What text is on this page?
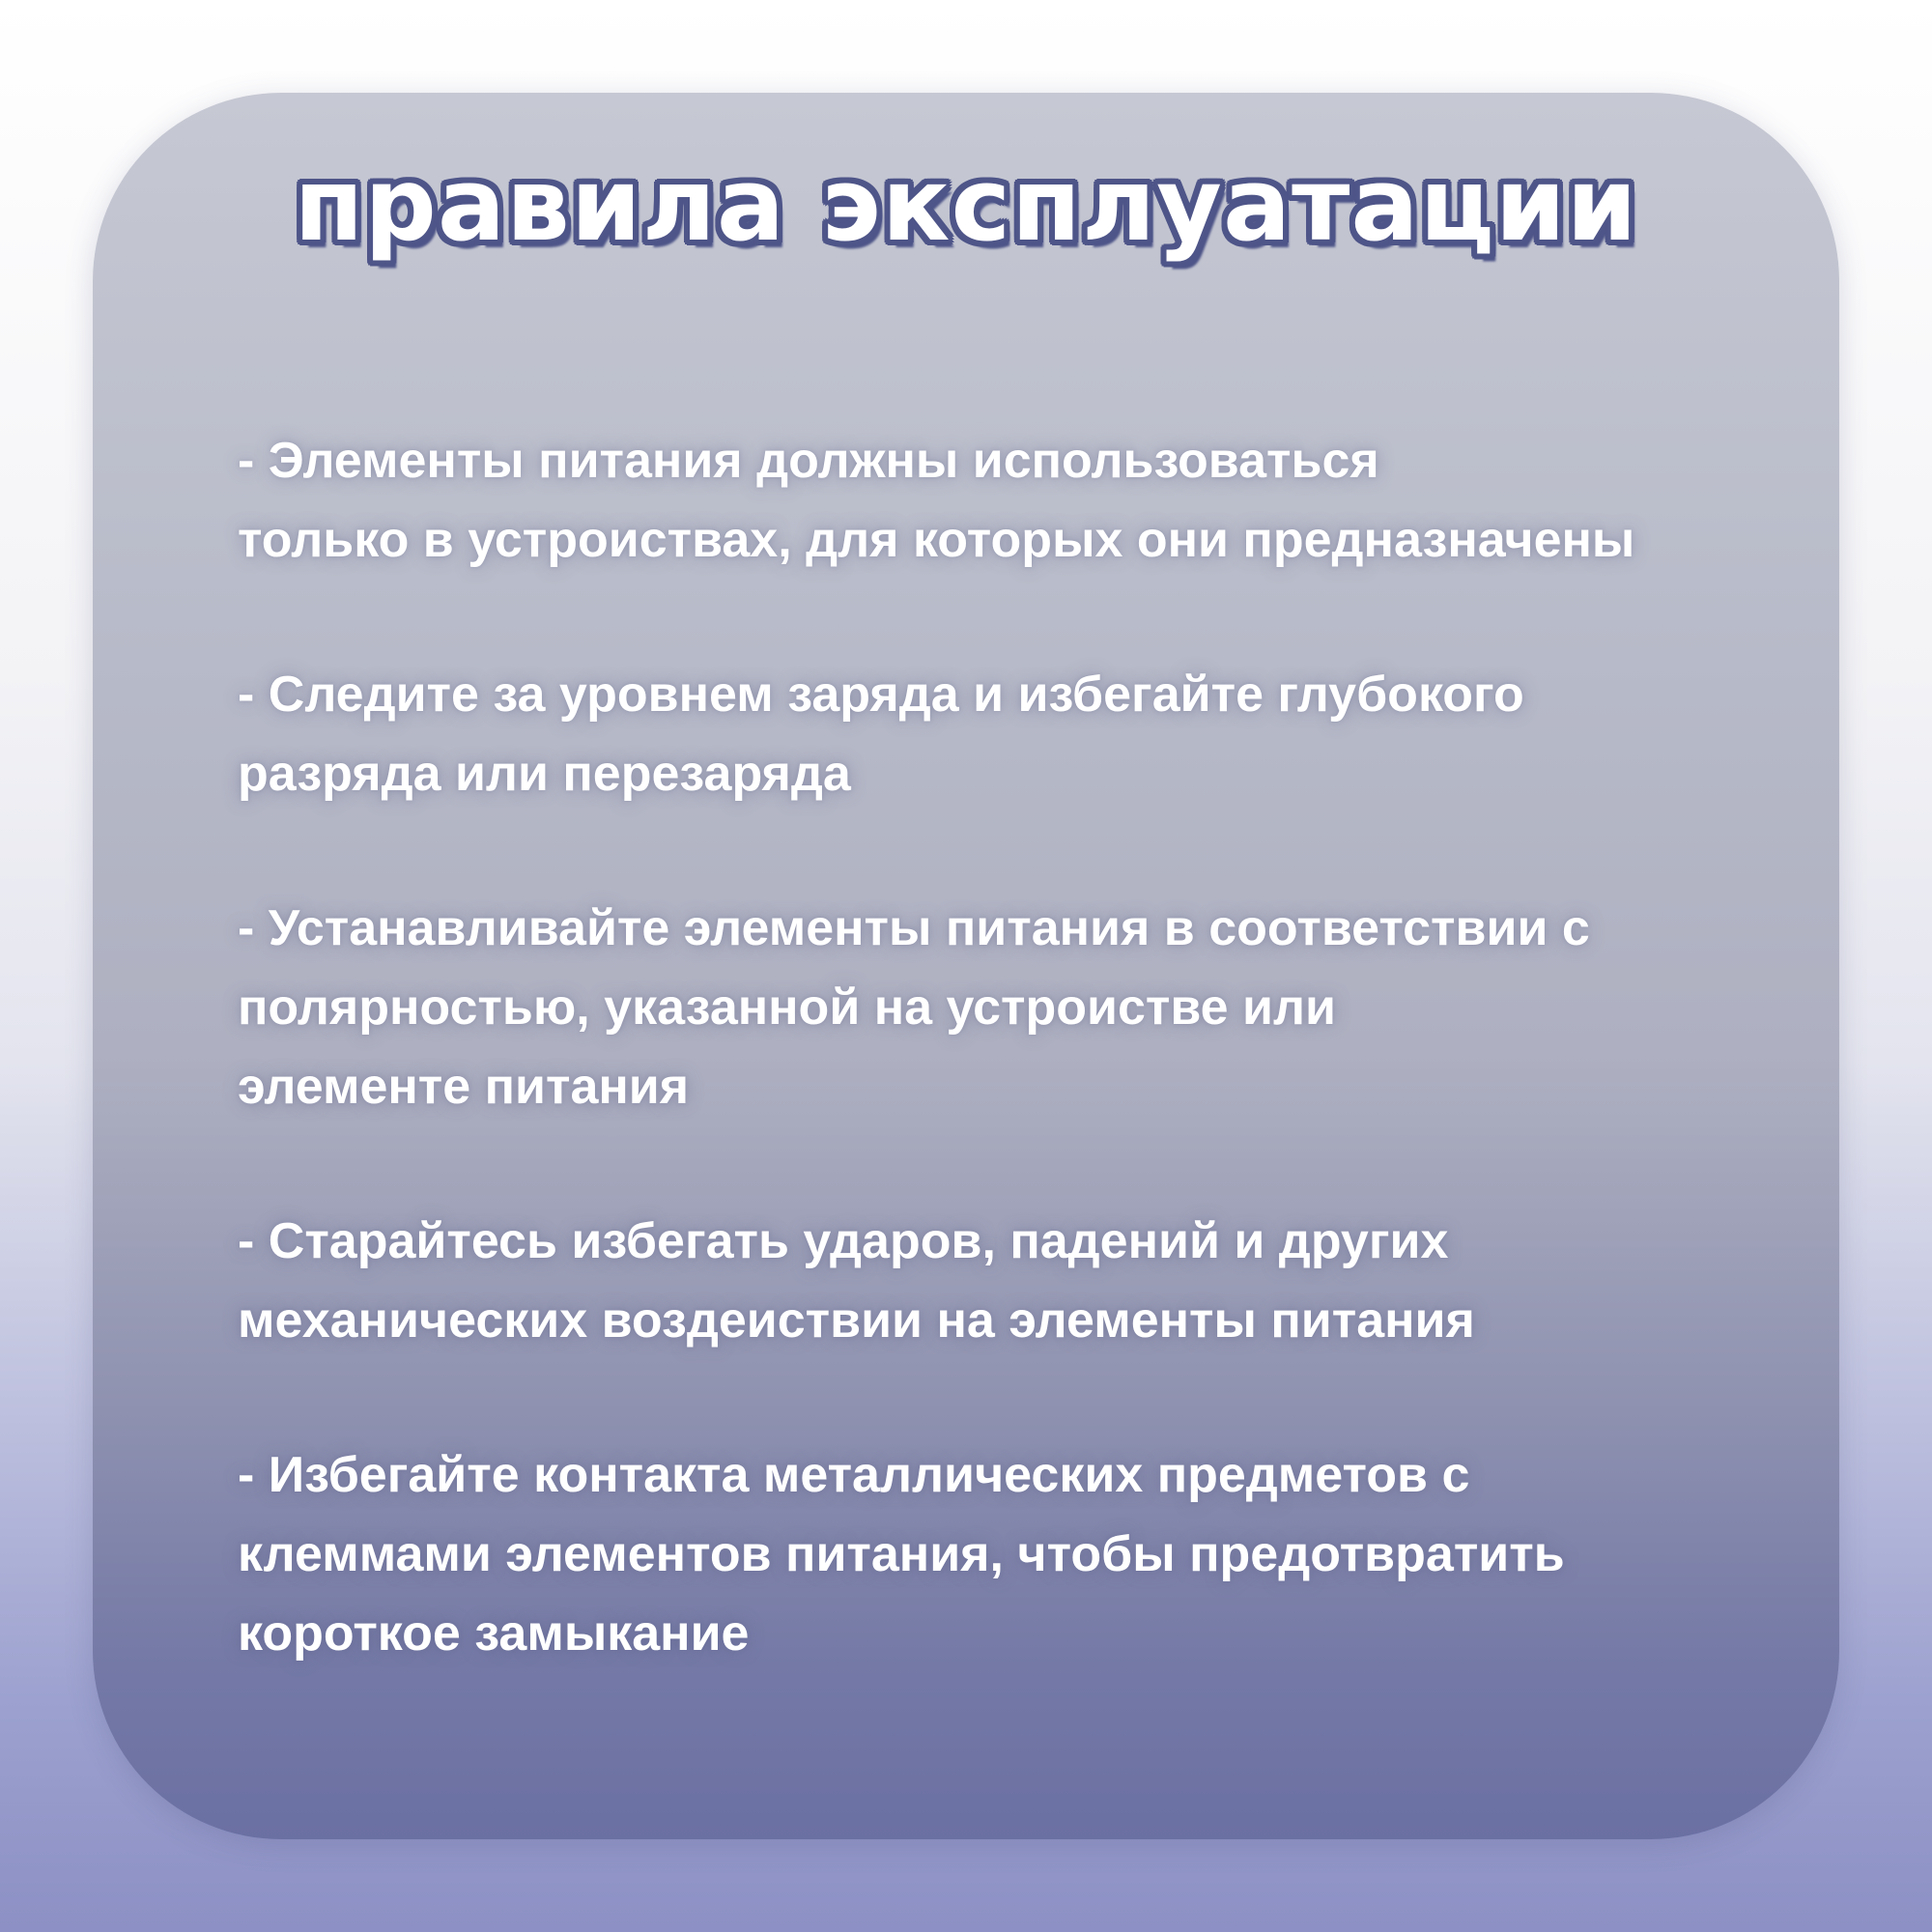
правила эксплуатации
- Элементы питания должны использоваться
только в устроиствах, для которых они предназначены
- Следите за уровнем заряда и избегайте глубокого
разряда или перезаряда
- Устанавливайте элементы питания в соответствии с
полярностью, указанной на устроистве или
элементе питания
- Старайтесь избегать ударов, падений и других
механических воздеиствии на элементы питания
- Избегайте контакта металлических предметов с
клеммами элементов питания, чтобы предотвратить
короткое замыкание
